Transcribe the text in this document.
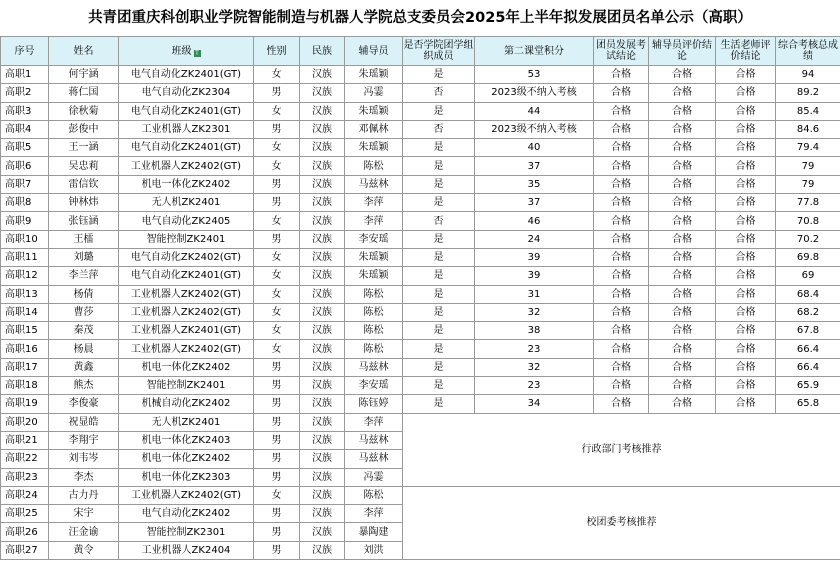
共青团重庆科创职业学院智能制造与机器人学院总支委员会2025年上半年拟发展团员名单公示（高职）
序号	姓名	班级 T	性别	民族	辅导员	是否学院团学组织成员	第二课堂积分	团员发展考试结论	辅导员评价结论	生活老师评价结论	综合考核总成绩
高职1	何宇涵	电气自动化ZK2401(GT)	女	汉族	朱瑶颖	是	53	合格	合格	合格	94
高职2	蒋仁国	电气自动化ZK2304	男	汉族	冯霎	否	2023级不纳入考核	合格	合格	合格	89.2
高职3	徐秋菊	电气自动化ZK2401(GT)	女	汉族	朱瑶颖	是	44	合格	合格	合格	85.4
高职4	彭俊中	工业机器人ZK2301	男	汉族	邓佩林	否	2023级不纳入考核	合格	合格	合格	84.6
高职5	王一涵	电气自动化ZK2401(GT)	女	汉族	朱瑶颖	是	40	合格	合格	合格	79.4
高职6	吴忠莉	工业机器人ZK2402(GT)	女	汉族	陈松	是	37	合格	合格	合格	79
高职7	雷信钦	机电一体化ZK2402	男	汉族	马兹林	是	35	合格	合格	合格	79
高职8	钟林炜	无人机ZK2401	男	汉族	李萍	是	37	合格	合格	合格	77.8
高职9	张钰涵	电气自动化ZK2405	女	汉族	李萍	否	46	合格	合格	合格	70.8
高职10	王檑	智能控制ZK2401	男	汉族	李安瑶	是	24	合格	合格	合格	70.2
高职11	刘璐	电气自动化ZK2402(GT)	女	汉族	朱瑶颖	是	39	合格	合格	合格	69.8
高职12	李兰萍	电气自动化ZK2401(GT)	女	汉族	朱瑶颖	是	39	合格	合格	合格	69
高职13	杨倩	工业机器人ZK2402(GT)	女	汉族	陈松	是	31	合格	合格	合格	68.4
高职14	曹莎	工业机器人ZK2402(GT)	女	汉族	陈松	是	32	合格	合格	合格	68.2
高职15	秦茂	工业机器人ZK2401(GT)	女	汉族	陈松	是	38	合格	合格	合格	67.8
高职16	杨晨	工业机器人ZK2402(GT)	女	汉族	陈松	是	23	合格	合格	合格	66.4
高职17	黄鑫	机电一体化ZK2402	男	汉族	马兹林	是	32	合格	合格	合格	66.4
高职18	熊杰	智能控制ZK2401	男	汉族	李安瑶	是	23	合格	合格	合格	65.9
高职19	李俊豪	机械自动化ZK2402	男	汉族	陈钰婷	是	34	合格	合格	合格	65.8
高职20	祝显皓	无人机ZK2401	男	汉族	李萍	行政部门考核推荐					
高职21	李翔宇	机电一体化ZK2403	男	汉族	马兹林						
高职22	刘韦岑	机电一体化ZK2402	男	汉族	马兹林						
高职23	李杰	机电一体化ZK2303	男	汉族	冯霎						
高职24	古力丹	工业机器人ZK2402(GT)	女	汉族	陈松	校团委考核推荐					
高职25	宋宇	电气自动化ZK2402	男	汉族	李萍						
高职26	汪金谕	智能控制ZK2301	男	汉族	暴陶建						
高职27	黄令	工业机器人ZK2404	男	汉族	刘洪						
